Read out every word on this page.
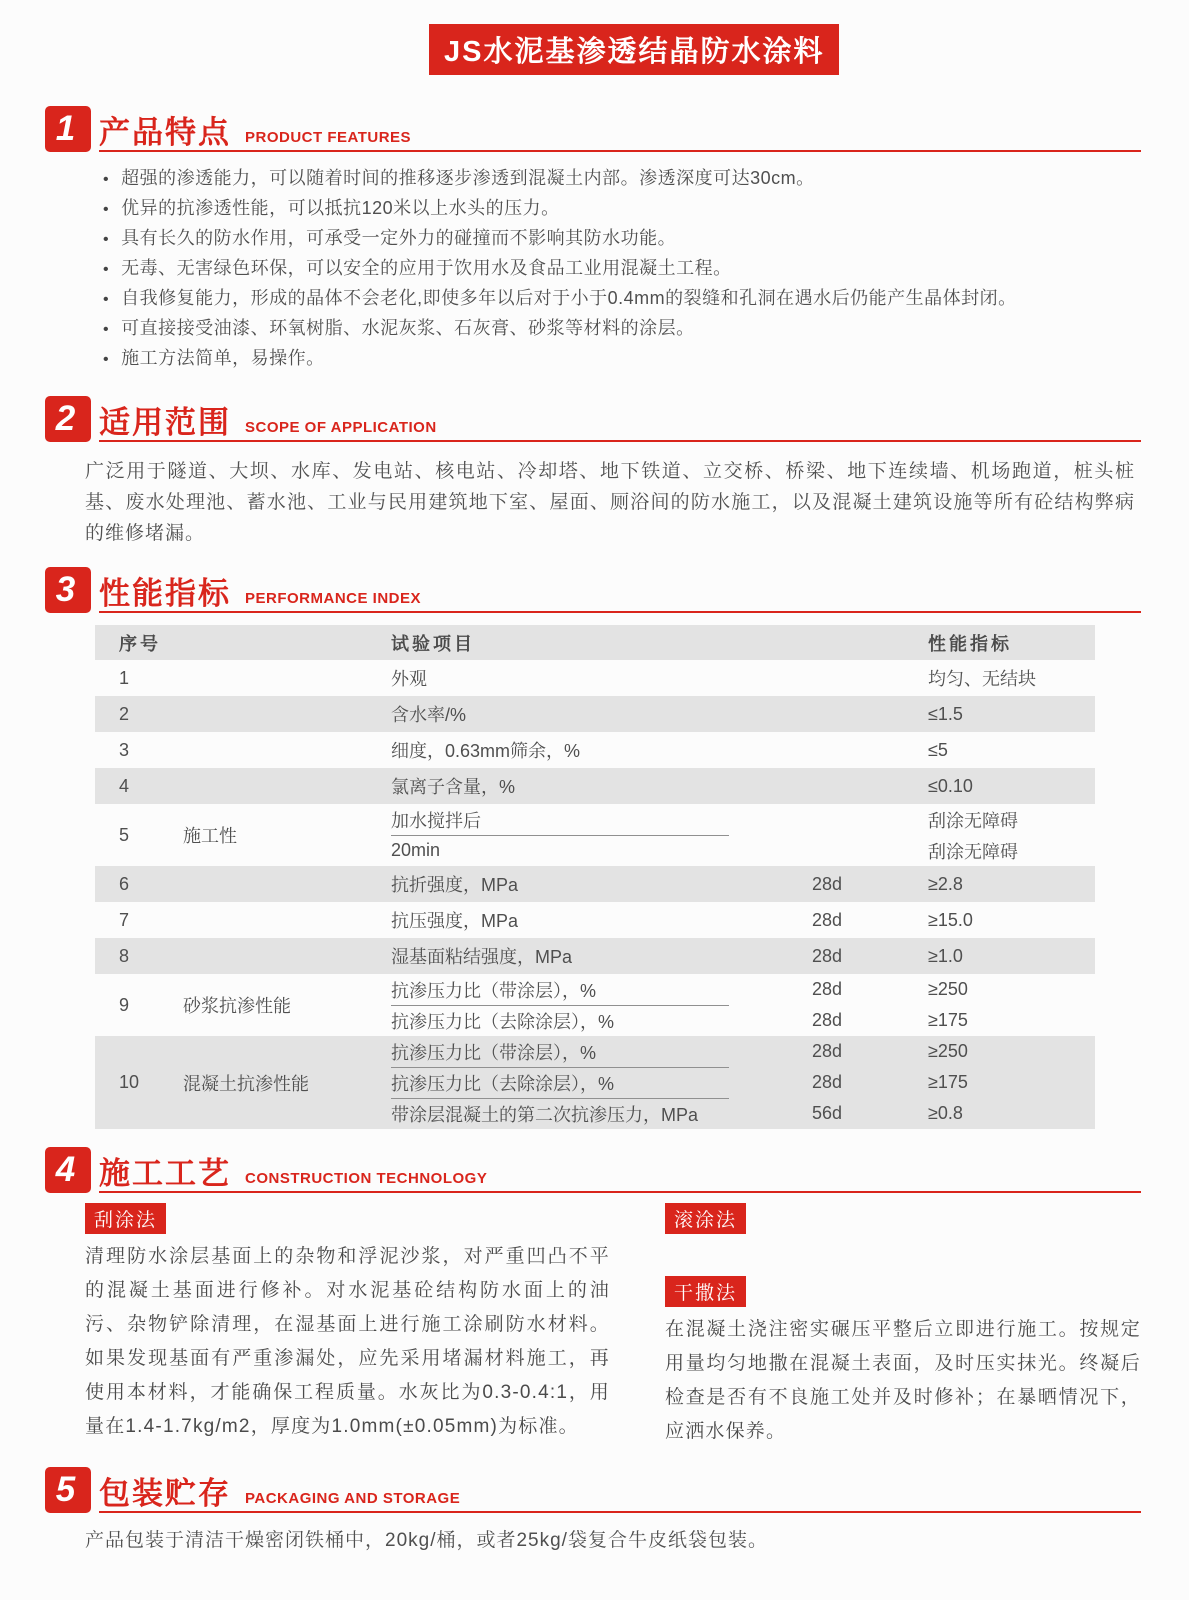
JS水泥基渗透结晶防水涂料
1 产品特点 PRODUCT FEATURES
•
超强的渗透能力，可以随着时间的推移逐步渗透到混凝土内部。渗透深度可达30cm。
•
优异的抗渗透性能，可以抵抗120米以上水头的压力。
•
具有长久的防水作用，可承受一定外力的碰撞而不影响其防水功能。
•
无毒、无害绿色环保，可以安全的应用于饮用水及食品工业用混凝土工程。
•
自我修复能力，形成的晶体不会老化,即使多年以后对于小于0.4mm的裂缝和孔洞在遇水后仍能产生晶体封闭。
•
可直接接受油漆、环氧树脂、水泥灰浆、石灰膏、砂浆等材料的涂层。
•
施工方法简单，易操作。
2 适用范围 SCOPE OF APPLICATION

广泛用于隧道、大坝、水库、发电站、核电站、冷却塔、地下铁道、立交桥、桥梁、地下连续墙、机场跑道，桩头桩基、废水处理池、蓄水池、工业与民用建筑地下室、屋面、厕浴间的防水施工，以及混凝土建筑设施等所有砼结构弊病的维修堵漏。

3 性能指标 PERFORMANCE INDEX
序号	试验项目	性能指标
1	外观	均匀、无结块
2	含水率/%	≤1.5
3	细度，0.63mm筛余，%	≤5
4	氯离子含量，%	≤0.10
5	施工性
加水搅拌后	刮涂无障碍
20min	刮涂无障碍
6	抗折强度，MPa	28d	≥2.8
7	抗压强度，MPa	28d	≥15.0
8	湿基面粘结强度，MPa	28d	≥1.0
9	砂浆抗渗性能
抗渗压力比（带涂层），%	28d	≥250
抗渗压力比（去除涂层），%	28d	≥175
10	混凝土抗渗性能
抗渗压力比（带涂层），%	28d	≥250
抗渗压力比（去除涂层），%	28d	≥175
带涂层混凝土的第二次抗渗压力，MPa	56d	≥0.8
4 施工工艺 CONSTRUCTION TECHNOLOGY
刮涂法

清理防水涂层基面上的杂物和浮泥沙浆，对严重凹凸不平的混凝土基面进行修补。对水泥基砼结构防水面上的油污、杂物铲除清理，在湿基面上进行施工涂刷防水材料。如果发现基面有严重渗漏处，应先采用堵漏材料施工，再使用本材料，才能确保工程质量。水灰比为0.3-0.4:1，用量在1.4-1.7kg/m2，厚度为1.0mm(±0.05mm)为标准。

滚涂法
干撒法

在混凝土浇注密实碾压平整后立即进行施工。按规定用量均匀地撒在混凝土表面，及时压实抹光。终凝后检查是否有不良施工处并及时修补；在暴晒情况下，应洒水保养。

5 包装贮存 PACKAGING AND STORAGE

产品包装于清洁干燥密闭铁桶中，20kg/桶，或者25kg/袋复合牛皮纸袋包装。
